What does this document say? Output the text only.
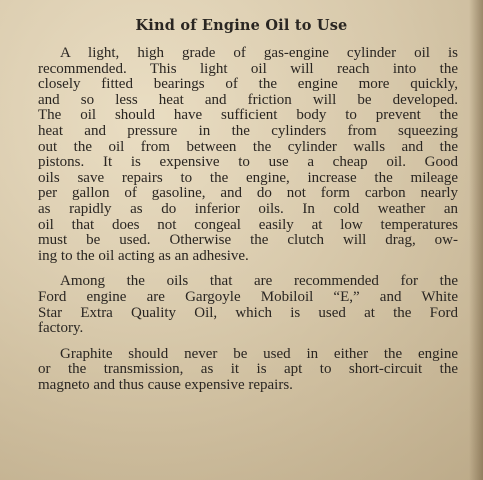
Kind of Engine Oil to Use
A light, high grade of gas-engine cylinder oil is
recommended. This light oil will reach into the
closely fitted bearings of the engine more quickly,
and so less heat and friction will be developed.
The oil should have sufficient body to prevent the
heat and pressure in the cylinders from squeezing
out the oil from between the cylinder walls and the
pistons. It is expensive to use a cheap oil. Good
oils save repairs to the engine, increase the mileage
per gallon of gasoline, and do not form carbon nearly
as rapidly as do inferior oils. In cold weather an
oil that does not congeal easily at low temperatures
must be used. Otherwise the clutch will drag, ow-
ing to the oil acting as an adhesive.
Among the oils that are recommended for the
Ford engine are Gargoyle Mobiloil “E,” and White
Star Extra Quality Oil, which is used at the Ford
factory.
Graphite should never be used in either the engine
or the transmission, as it is apt to short-circuit the
magneto and thus cause expensive repairs.
